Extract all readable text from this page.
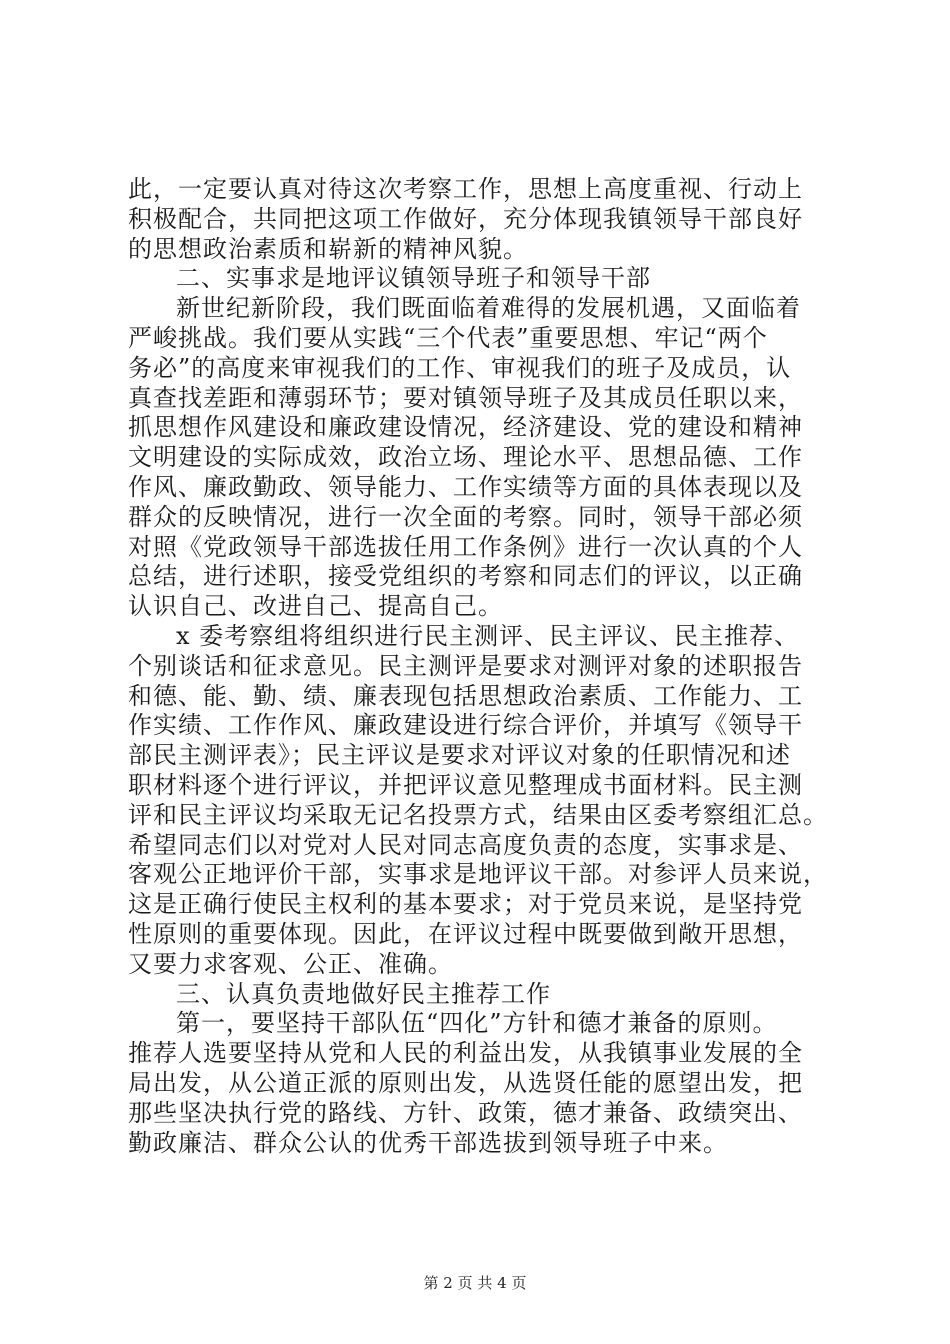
此，一定要认真对待这次考察工作，思想上高度重视、行动上
积极配合，共同把这项工作做好，充分体现我镇领导干部良好
的思想政治素质和崭新的精神风貌。
二、实事求是地评议镇领导班子和领导干部
新世纪新阶段，我们既面临着难得的发展机遇，又面临着
严峻挑战。我们要从实践“三个代表”重要思想、牢记“两个
务必”的高度来审视我们的工作、审视我们的班子及成员，认
真查找差距和薄弱环节；要对镇领导班子及其成员任职以来，
抓思想作风建设和廉政建设情况，经济建设、党的建设和精神
文明建设的实际成效，政治立场、理论水平、思想品德、工作
作风、廉政勤政、领导能力、工作实绩等方面的具体表现以及
群众的反映情况，进行一次全面的考察。同时，领导干部必须
对照《党政领导干部选拔任用工作条例》进行一次认真的个人
总结，进行述职，接受党组织的考察和同志们的评议，以正确
认识自己、改进自己、提高自己。
x 委考察组将组织进行民主测评、民主评议、民主推荐、
个别谈话和征求意见。民主测评是要求对测评对象的述职报告
和德、能、勤、绩、廉表现包括思想政治素质、工作能力、工
作实绩、工作作风、廉政建设进行综合评价，并填写《领导干
部民主测评表》；民主评议是要求对评议对象的任职情况和述
职材料逐个进行评议，并把评议意见整理成书面材料。民主测
评和民主评议均采取无记名投票方式，结果由区委考察组汇总。
希望同志们以对党对人民对同志高度负责的态度，实事求是、
客观公正地评价干部，实事求是地评议干部。对参评人员来说，
这是正确行使民主权利的基本要求；对于党员来说，是坚持党
性原则的重要体现。因此，在评议过程中既要做到敞开思想，
又要力求客观、公正、准确。
三、认真负责地做好民主推荐工作
第一，要坚持干部队伍“四化”方针和德才兼备的原则。
推荐人选要坚持从党和人民的利益出发，从我镇事业发展的全
局出发，从公道正派的原则出发，从选贤任能的愿望出发，把
那些坚决执行党的路线、方针、政策，德才兼备、政绩突出、
勤政廉洁、群众公认的优秀干部选拔到领导班子中来。
第 2 页 共 4 页
